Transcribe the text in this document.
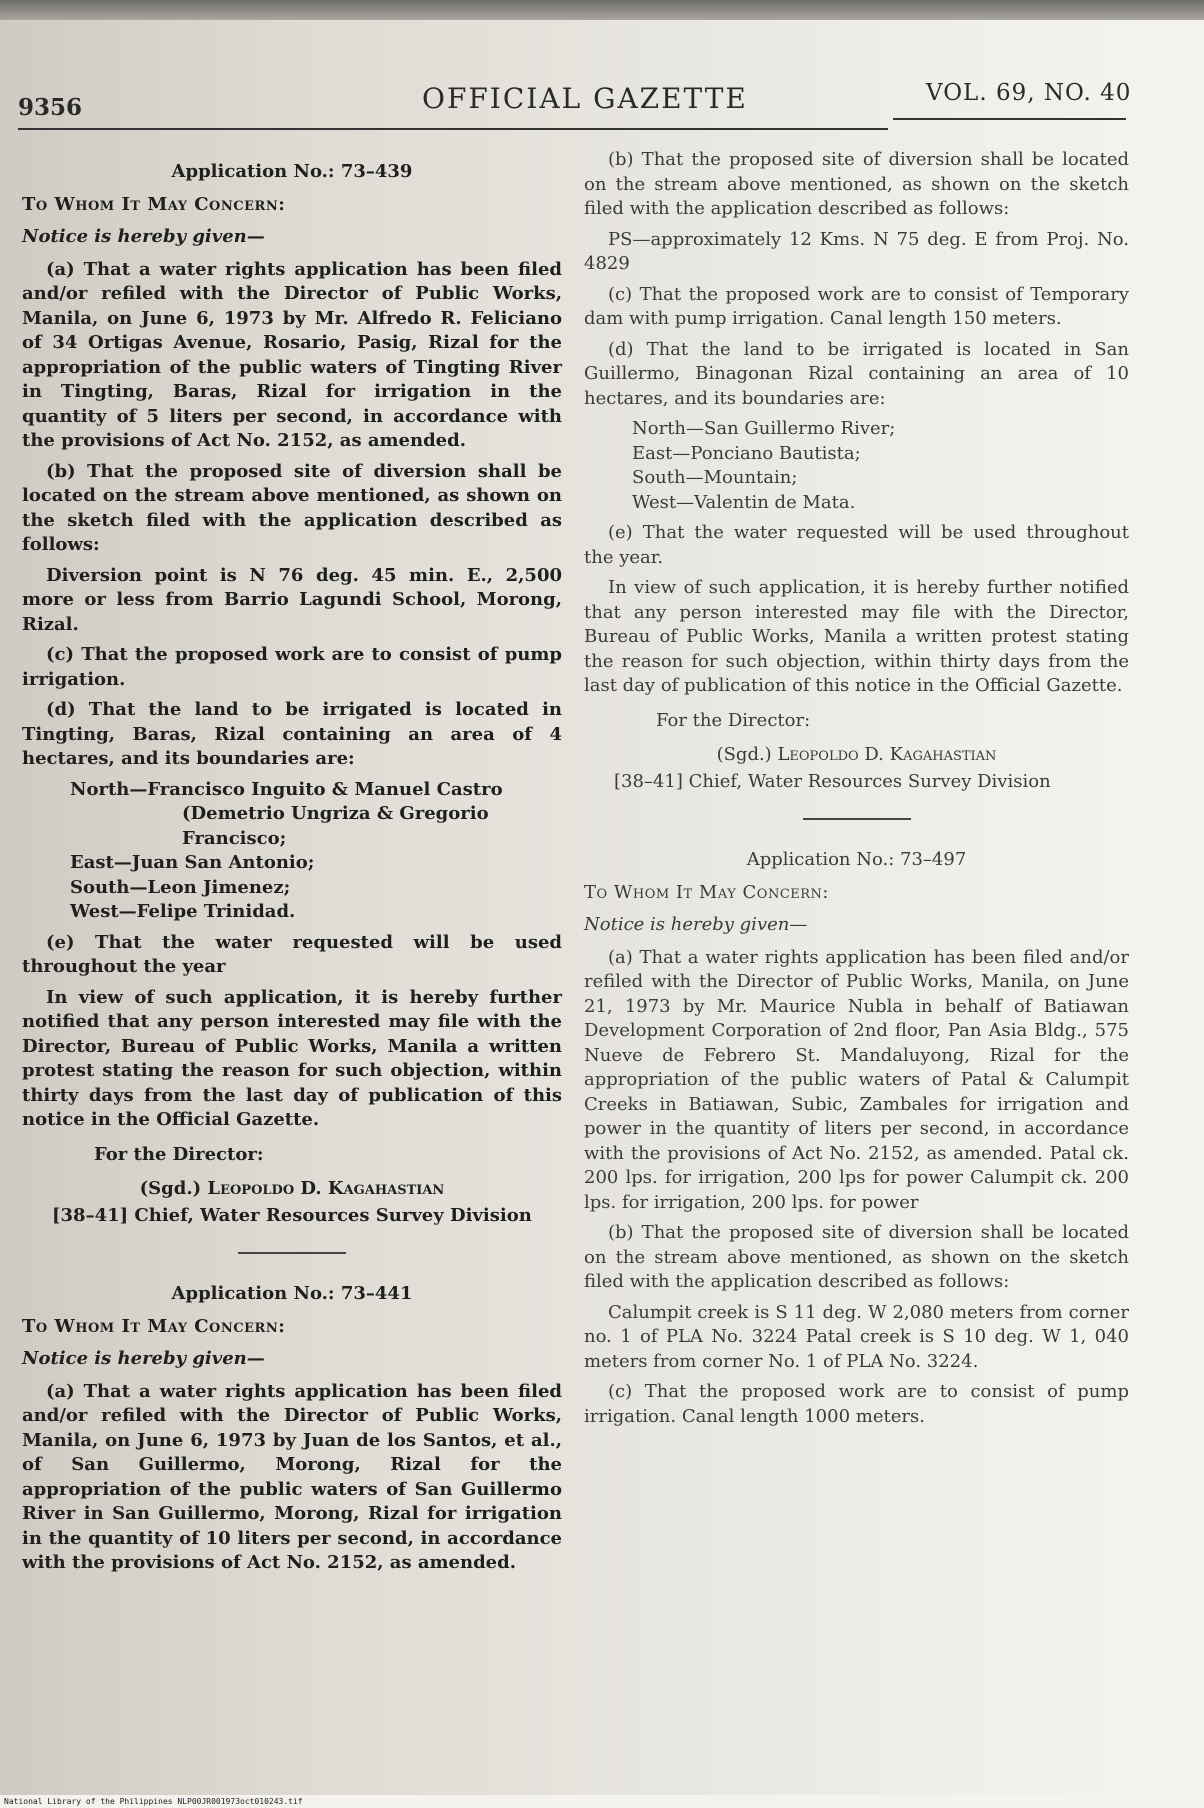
9356	OFFICIAL GAZETTE	VOL. 69, NO. 40
Application No.: 73–439
To Whom It May Concern:
Notice is hereby given—

(a) That a water rights application has been filed and/or refiled with the Director of Public Works, Manila, on June 6, 1973 by Mr. Alfredo R. Feliciano of 34 Ortigas Avenue, Rosario, Pasig, Rizal for the appropriation of the public waters of Tingting River in Tingting, Baras, Rizal for irrigation in the quantity of 5 liters per second, in accordance with the provisions of Act No. 2152, as amended.

(b) That the proposed site of diversion shall be located on the stream above mentioned, as shown on the sketch filed with the application described as follows:

Diversion point is N 76 deg. 45 min. E., 2,500 more or less from Barrio Lagundi School, Morong, Rizal.

(c) That the proposed work are to consist of pump irrigation.

(d) That the land to be irrigated is located in Tingting, Baras, Rizal containing an area of 4 hectares, and its boundaries are:

North—Francisco Inguito & Manuel Castro
(Demetrio Ungriza & Gregorio
Francisco;
East—Juan San Antonio;
South—Leon Jimenez;
West—Felipe Trinidad.

(e) That the water requested will be used throughout the year

In view of such application, it is hereby further notified that any person interested may file with the Director, Bureau of Public Works, Manila a written protest stating the reason for such objection, within thirty days from the last day of publication of this notice in the Official Gazette.

For the Director:
(Sgd.) Leopoldo D. Kagahastian
[38–41] Chief, Water Resources Survey Division
Application No.: 73–441
To Whom It May Concern:
Notice is hereby given—

(a) That a water rights application has been filed and/or refiled with the Director of Public Works, Manila, on June 6, 1973 by Juan de los Santos, et al., of San Guillermo, Morong, Rizal for the appropriation of the public waters of San Guillermo River in San Guillermo, Morong, Rizal for irrigation in the quantity of 10 liters per second, in accordance with the provisions of Act No. 2152, as amended.

(b) That the proposed site of diversion shall be located on the stream above mentioned, as shown on the sketch filed with the application described as follows:

PS—approximately 12 Kms. N 75 deg. E from Proj. No. 4829

(c) That the proposed work are to consist of Temporary dam with pump irrigation. Canal length 150 meters.

(d) That the land to be irrigated is located in San Guillermo, Binagonan Rizal containing an area of 10 hectares, and its boundaries are:

North—San Guillermo River;
East—Ponciano Bautista;
South—Mountain;
West—Valentin de Mata.

(e) That the water requested will be used throughout the year.

In view of such application, it is hereby further notified that any person interested may file with the Director, Bureau of Public Works, Manila a written protest stating the reason for such objection, within thirty days from the last day of publication of this notice in the Official Gazette.

For the Director:
(Sgd.) Leopoldo D. Kagahastian
[38–41] Chief, Water Resources Survey Division
Application No.: 73–497
To Whom It May Concern:
Notice is hereby given—

(a) That a water rights application has been filed and/or refiled with the Director of Public Works, Manila, on June 21, 1973 by Mr. Maurice Nubla in behalf of Batiawan Development Corporation of 2nd floor, Pan Asia Bldg., 575 Nueve de Febrero St. Mandaluyong, Rizal for the appropriation of the public waters of Patal & Calumpit Creeks in Batiawan, Subic, Zambales for irrigation and power in the quantity of liters per second, in accordance with the provisions of Act No. 2152, as amended. Patal ck. 200 lps. for irrigation, 200 lps for power Calumpit ck. 200 lps. for irrigation, 200 lps. for power

(b) That the proposed site of diversion shall be located on the stream above mentioned, as shown on the sketch filed with the application described as follows:

Calumpit creek is S 11 deg. W 2,080 meters from corner no. 1 of PLA No. 3224 Patal creek is S 10 deg. W 1, 040 meters from corner No. 1 of PLA No. 3224.

(c) That the proposed work are to consist of pump irrigation. Canal length 1000 meters.

National Library of the Philippines NLP00JR001973oct010243.tif
